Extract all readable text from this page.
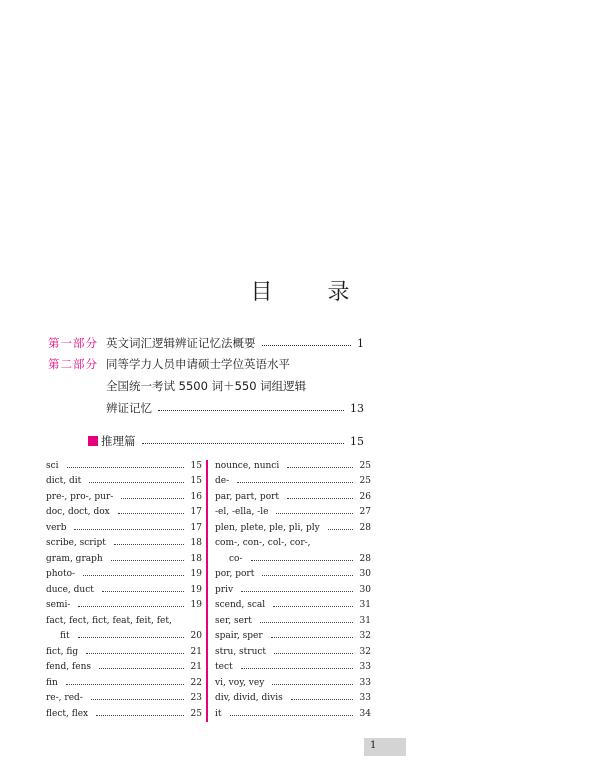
目 录
第一部分 英文词汇逻辑辨证记忆法概要	1
第二部分 同等学力人员申请硕士学位英语水平
全国统一考试 5500 词＋550 词组逻辑
辨证记忆	13
推理篇	15
sci	15
dict, dit	15
pre-, pro-, pur-	16
doc, doct, dox	17
verb	17
scribe, script	18
gram, graph	18
photo-	19
duce, duct	19
semi-	19
fact, fect, fict, feat, feit, fet,
fit	20
fict, fig	21
fend, fens	21
fin	22
re-, red-	23
flect, flex	25
nounce, nunci	25
de-	25
par, part, port	26
-el, -ella, -le	27
plen, plete, ple, pli, ply	28
com-, con-, col-, cor-,
co-	28
por, port	30
priv	30
scend, scal	31
ser, sert	31
spair, sper	32
stru, struct	32
tect	33
vi, voy, vey	33
div, divid, divis	33
it	34
1
